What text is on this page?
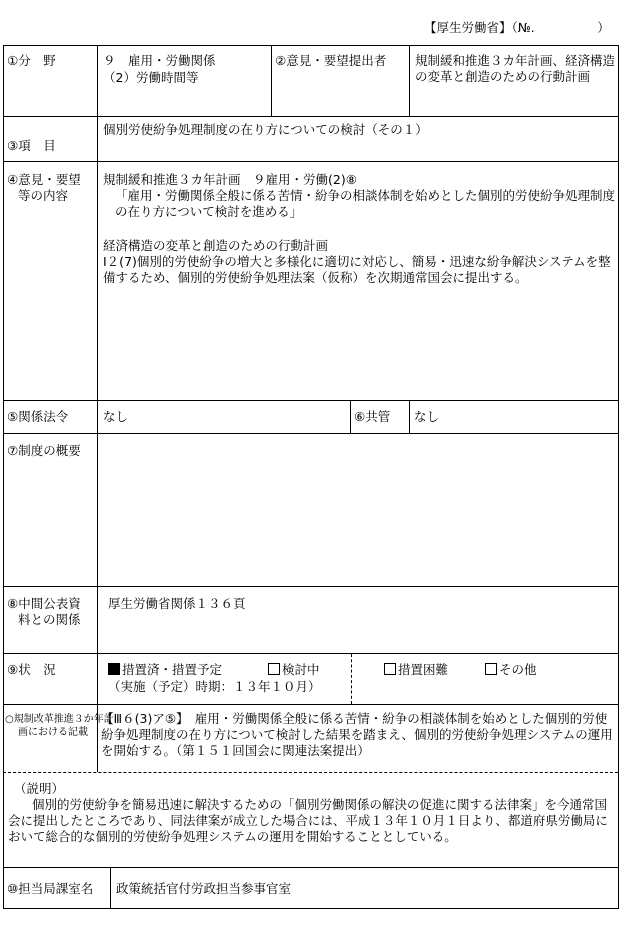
【厚生労働省】（№.　　　　　）
①分　野	９　雇用・労働関係
（2）労働時間等
②意見・要望提出者 規制緩和推進３カ年計画、経済構造の変革と創造のための行動計画
③項　目
個別労使紛争処理制度の在り方についての検討（その１）
④意見・要望
等の内容
規制緩和推進３カ年計画　９雇用・労働(2)⑧
「雇用・労働関係全般に係る苦情・紛争の相談体制を始めとした個別的労使紛争処理制度の在り方について検討を進める」
経済構造の変革と創造のための行動計画
Ⅰ２(7)個別的労使紛争の増大と多様化に適切に対応し、簡易・迅速な紛争解決システムを整備するため、個別的労使紛争処理法案（仮称）を次期通常国会に提出する。
⑤関係法令	なし	⑥共管 なし
⑦制度の概要
⑧中間公表資
料との関係
厚生労働省関係１３６頁
⑨状　況	措置済・措置予定	検討中	措置困難	その他
（実施（予定）時期：１３年１０月）
○規制改革推進３か年計
画における記載
【Ⅲ６(3)ア⑤】　雇用・労働関係全般に係る苦情・紛争の相談体制を始めとした個別的労使紛争処理制度の在り方について検討した結果を踏まえ、個別的労使紛争処理システムの運用を開始する。（第１５１回国会に関連法案提出）
（説明）
個別的労使紛争を簡易迅速に解決するための「個別労働関係の解決の促進に関する法律案」を今通常国会に提出したところであり、同法律案が成立した場合には、平成１３年１０月１日より、都道府県労働局において総合的な個別的労使紛争処理システムの運用を開始することとしている。
⑩担当局課室名 政策統括官付労政担当参事官室
